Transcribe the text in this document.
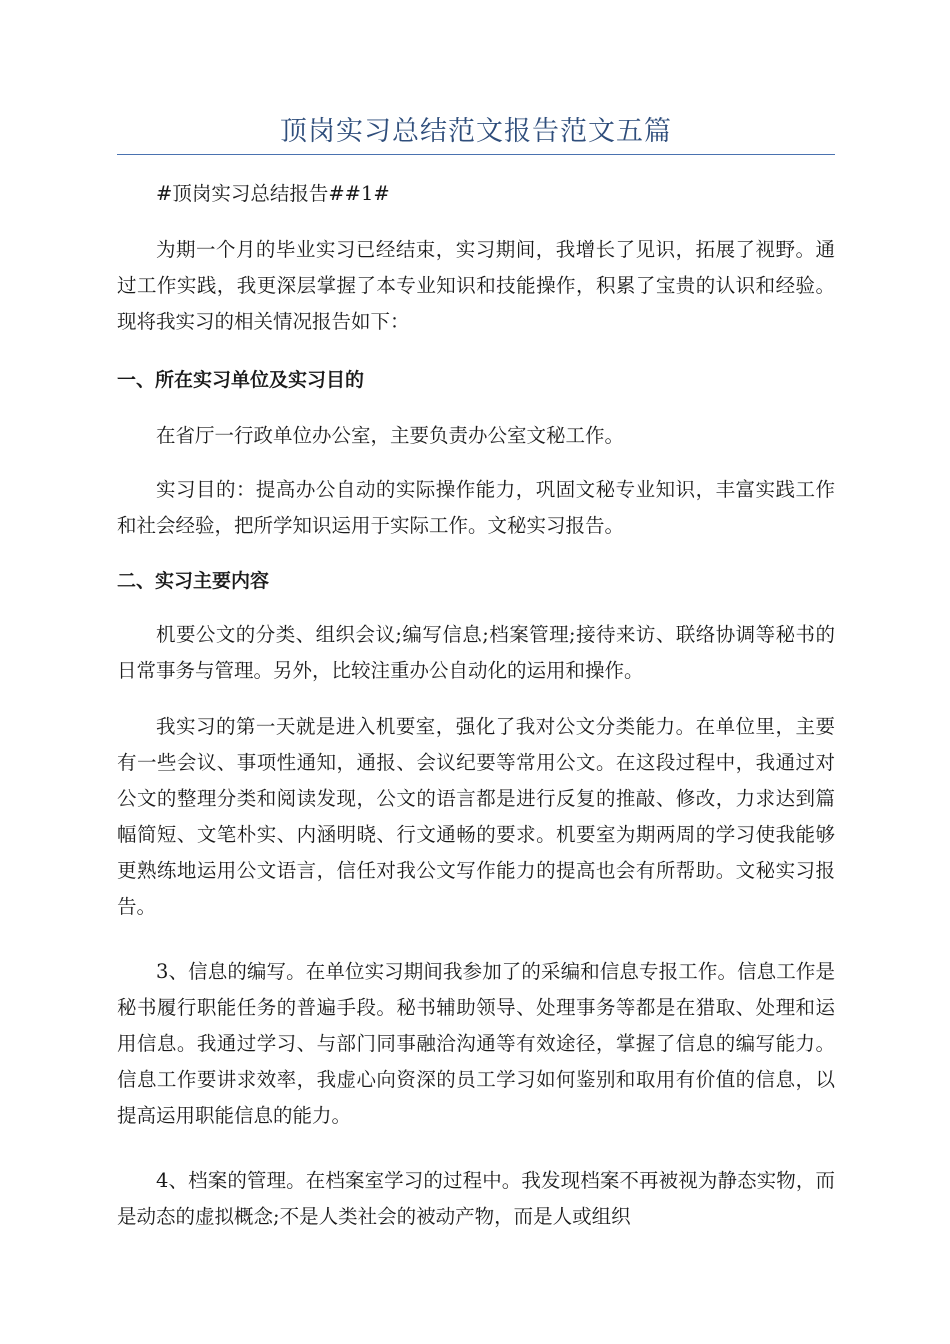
顶岗实习总结范文报告范文五篇
#顶岗实习总结报告##1#
为期一个月的毕业实习已经结束，实习期间，我增长了见识，拓展了视野。通过工作实践，我更深层掌握了本专业知识和技能操作，积累了宝贵的认识和经验。现将我实习的相关情况报告如下：
一、所在实习单位及实习目的
在省厅一行政单位办公室，主要负责办公室文秘工作。
实习目的：提高办公自动的实际操作能力，巩固文秘专业知识，丰富实践工作和社会经验，把所学知识运用于实际工作。文秘实习报告。
二、实习主要内容
机要公文的分类、组织会议;编写信息;档案管理;接待来访、联络协调等秘书的日常事务与管理。另外，比较注重办公自动化的运用和操作。
我实习的第一天就是进入机要室，强化了我对公文分类能力。在单位里，主要有一些会议、事项性通知，通报、会议纪要等常用公文。在这段过程中，我通过对公文的整理分类和阅读发现，公文的语言都是进行反复的推敲、修改，力求达到篇幅简短、文笔朴实、内涵明晓、行文通畅的要求。机要室为期两周的学习使我能够更熟练地运用公文语言，信任对我公文写作能力的提高也会有所帮助。文秘实习报告。
3、信息的编写。在单位实习期间我参加了的采编和信息专报工作。信息工作是秘书履行职能任务的普遍手段。秘书辅助领导、处理事务等都是在猎取、处理和运用信息。我通过学习、与部门同事融洽沟通等有效途径，掌握了信息的编写能力。信息工作要讲求效率，我虚心向资深的员工学习如何鉴别和取用有价值的信息，以提高运用职能信息的能力。
4、档案的管理。在档案室学习的过程中。我发现档案不再被视为静态实物，而是动态的虚拟概念;不是人类社会的被动产物，而是人或组织
